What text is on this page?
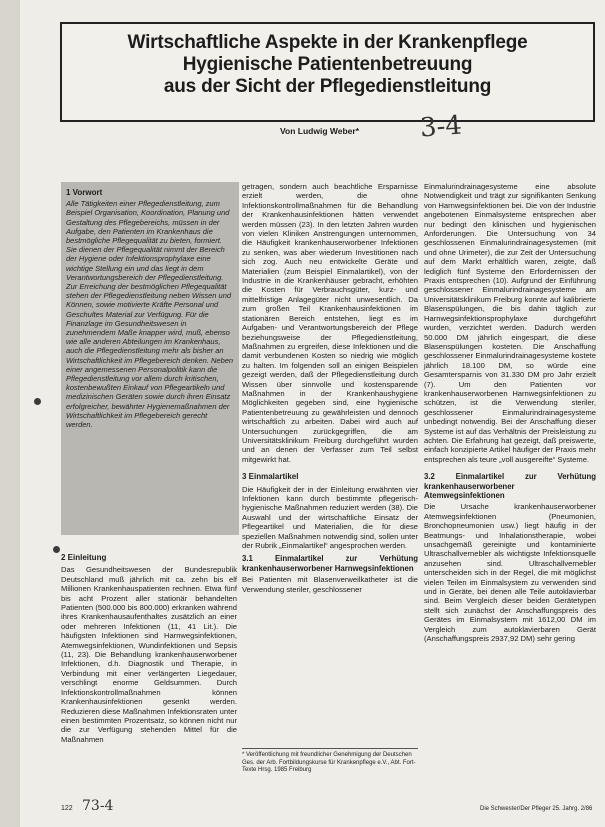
Wirtschaftliche Aspekte in der Krankenpflege
Hygienische Patientenbetreuung
aus der Sicht der Pflegedienstleitung
Von Ludwig Weber* 3-4
1 Vorwort
Alle Tätigkeiten einer Pflegedienstleitung, zum Beispiel Organisation, Koordination, Planung und Gestaltung des Pflegebereichs, müssen in der Aufgabe, den Patienten im Krankenhaus die bestmögliche Pflegequalität zu bieten, formiert. Sie dienen der Pflegequalität nimmt der Bereich der Hygiene oder Infektionsprophylaxe eine wichtige Stellung ein und das liegt in dem Verantwortungsbereich der Pflegedienstleitung. Zur Erreichung der bestmöglichen Pflegequalität stehen der Pflegedienstleitung neben Wissen und Können, sowie motivierte Kräfte Personal und Geschultes Material zur Verfügung. Für die Finanzlage im Gesundheitswesen in zunehmendem Maße knapper wird, muß, ebenso wie alle anderen Abteilungen im Krankenhaus, auch die Pflegedienstleitung mehr als bisher an Wirtschaftlichkeit im Pflegebereich denken. Neben einer angemessenen Personalpolitik kann die Pflegedienstleitung vor allem durch kritischen, kostenbewußten Einkauf von Pflegeartikeln und medizinischen Geräten sowie durch ihren Einsatz erfolgreicher, bewährter Hygienemaßnahmen der Wirtschaftlichkeit im Pflegebereich gerecht werden.
2 Einleitung

Das Gesundheitswesen der Bundesrepublik Deutschland muß jährlich mit ca. zehn bis elf Millionen Krankenhauspatienten rechnen. Etwa fünf bis acht Prozent aller stationär behandelten Patienten (500.000 bis 800.000) erkranken während ihres Krankenhausaufenthaltes zusätzlich an einer oder mehreren Infektionen (11, 41 Lit.). Die häufigsten Infektionen sind Harnwegsinfektionen, Atemwegsinfektionen, Wundinfektionen und Sepsis (11, 23). Die Behandlung krankenhauserworbener Infektionen, d.h. Diagnostik und Therapie, in Verbindung mit einer verlängerten Liegedauer, verschlingt enorme Geldsummen. Durch Infektionskontrollmaßnahmen können Krankenhausinfektionen gesenkt werden. Reduzieren diese Maßnahmen Infektionsraten unter einen bestimmten Prozentsatz, so können nicht nur die zur Verfügung stehenden Mittel für die Maßnahmen

getragen, sondern auch beachtliche Ersparnisse erzielt werden, die ohne Infektionskontrollmaßnahmen für die Behandlung der Krankenhausinfektionen hätten verwendet werden müssen (23). In den letzten Jahren wurden von vielen Kliniken Anstrengungen unternommen, die Häufigkeit krankenhauserworbener Infektionen zu senken, was aber wiederum Investitionen nach sich zog. Auch neu entwickelte Geräte und Materialien (zum Beispiel Einmalartikel), von der Industrie in die Krankenhäuser gebracht, erhöhten die Kosten für Verbrauchsgüter, kurz- und mittelfristige Anlagegüter nicht unwesentlich. Da zum großen Teil Krankenhausinfektionen im stationären Bereich entstehen, liegt es im Aufgaben- und Verantwortungsbereich der Pflege beziehungsweise der Pflegedienstleitung, Maßnahmen zu ergreifen, diese Infektionen und die damit verbundenen Kosten so niedrig wie möglich zu halten. Im folgenden soll an einigen Beispielen gezeigt werden, daß der Pflegedienstleitung durch Wissen über sinnvolle und kostensparende Maßnahmen in der Krankenhaushygiene Möglichkeiten gegeben sind, eine hygienische Patientenbetreuung zu gewährleisten und dennoch wirtschaftlich zu arbeiten. Dabei wird auch auf Untersuchungen zurückgegriffen, die am Universitätsklinikum Freiburg durchgeführt wurden und an denen der Verfasser zum Teil selbst mitgewirkt hat.

3 Einmalartikel

Die Häufigkeit der in der Einleitung erwähnten vier Infektionen kann durch bestimmte pflegerisch-hygienische Maßnahmen reduziert werden (38). Die Auswahl und der wirtschaftliche Einsatz der Pflegeartikel und Materialien, die für diese speziellen Maßnahmen notwendig sind, sollen unter der Rubrik „Einmalartikel“ angesprochen werden.

3.1 Einmalartikel zur Verhütung krankenhauserworbener Harnwegsinfektionen

Bei Patienten mit Blasenverweilkatheter ist die Verwendung steriler, geschlossener

* Veröffentlichung mit freundlicher Genehmigung der Deutschen Ges. der Arb. Fortbildungskurse für Krankenpflege e.V., Abt. Fort-Texte Hrsg. 1985 Freiburg

Einmalurindrainagesysteme eine absolute Notwendigkeit und trägt zur signifikanten Senkung von Harnwegsinfektionen bei. Die von der Industrie angebotenen Einmalsysteme entsprechen aber nur bedingt den klinischen und hygienischen Anforderungen. Die Untersuchung von 34 geschlossenen Einmalurindrainagesystemen (mit und ohne Urimeter), die zur Zeit der Untersuchung auf dem Markt erhältlich waren, zeigte, daß lediglich fünf Systeme den Erfordernissen der Praxis entsprechen (10). Aufgrund der Einführung geschlossener Einmalurindrainagesysteme am Universitätsklinikum Freiburg konnte auf kalibrierte Blasenspülungen, die bis dahin täglich zur Harnwegsinfektionsprophylaxe durchgeführt wurden, verzichtet werden. Dadurch werden 50.000 DM jährlich eingespart, die diese Blasenspülungen kosteten. Die Anschaffung geschlossener Einmalurindrainagesysteme kostete jährlich 18.100 DM, so würde eine Gesamtersparnis von 31.330 DM pro Jahr erzielt (7). Um den Patienten vor krankenhauserworbenen Harnwegsinfektionen zu schützen, ist die Verwendung steriler, geschlossener Einmalurindrainagesysteme unbedingt notwendig. Bei der Anschaffung dieser Systeme ist auf das Verhältnis der Preisleistung zu achten. Die Erfahrung hat gezeigt, daß preiswerte, einfach konzipierte Artikel häufiger der Praxis mehr entsprechen als teure „voll ausgereifte“ Systeme.

3.2 Einmalartikel zur Verhütung krankenhauserworbener Atemwegsinfektionen

Die Ursache krankenhauserworbener Atemwegsinfektionen (Pneumonien, Bronchopneumonien usw.) liegt häufig in der Beatmungs- und Inhalationstherapie, wobei unsachgemäß gereinigte und kontaminierte Ultraschallvernebler als wichtigste Infektionsquelle anzusehen sind. Ultraschallvernebler unterscheiden sich in der Regel, die mit möglichst vielen Teilen im Einmalsystem zu verwenden sind und in Geräte, bei denen alle Teile autoklavierbar sind. Beim Vergleich dieser beiden Gerätetypen stellt sich zunächst der Anschaffungspreis des Gerätes im Einmalsystem mit 1612,00 DM im Vergleich zum autoklavierbaren Gerät (Anschaffungspreis 2937,92 DM) sehr gering

122 73-4	Die Schwester/Der Pfleger 25. Jahrg. 2/86
